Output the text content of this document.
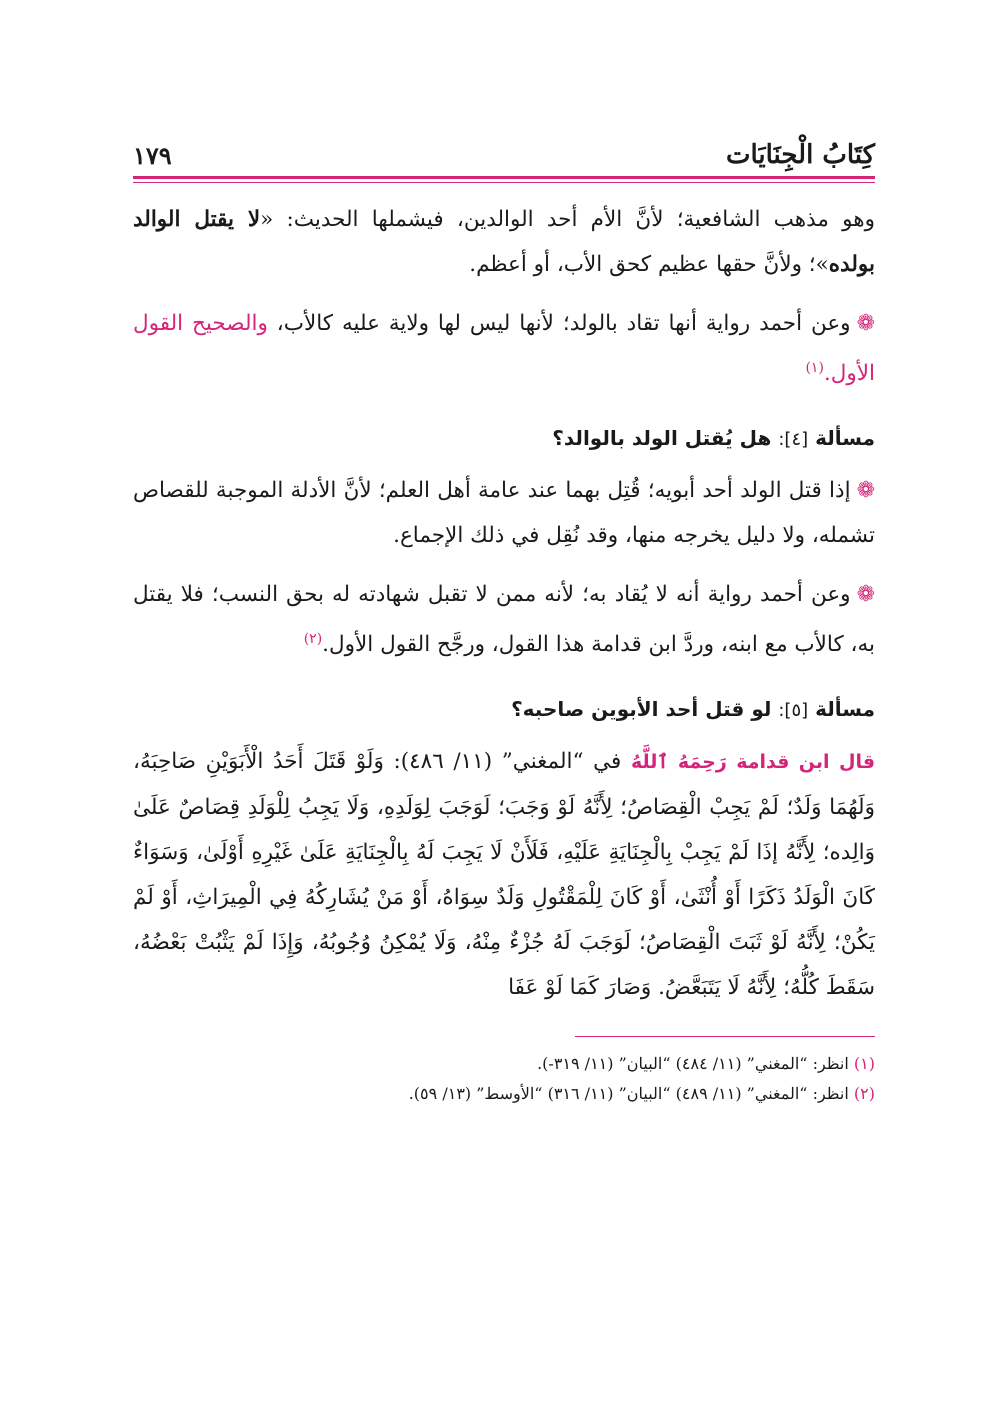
كِتَابُ الْجِنَايَات
١٧٩

وهو مذهب الشافعية؛ لأنَّ الأم أحد الوالدين، فيشملها الحديث: «لا يقتل الوالد بولده»؛ ولأنَّ حقها عظيم كحق الأب، أو أعظم.

❁وعن أحمد رواية أنها تقاد بالولد؛ لأنها ليس لها ولاية عليه كالأب، والصحيح القول الأول.$^{(١)}$

مسألة [٤]: هل يُقتل الولد بالوالد؟

❁إذا قتل الولد أحد أبويه؛ قُتِل بهما عند عامة أهل العلم؛ لأنَّ الأدلة الموجبة للقصاص تشمله، ولا دليل يخرجه منها، وقد نُقِل في ذلك الإجماع.

❁وعن أحمد رواية أنه لا يُقاد به؛ لأنه ممن لا تقبل شهادته له بحق النسب؛ فلا يقتل به، كالأب مع ابنه، وردَّ ابن قدامة هذا القول، ورجَّح القول الأول.$^{(٢)}$

مسألة [٥]: لو قتل أحد الأبوين صاحبه؟

قال ابن قدامة رَحِمَهُ ٱللَّهُ في “المغني” (١١/ ٤٨٦): وَلَوْ قَتَلَ أَحَدُ الْأَبَوَيْنِ صَاحِبَهُ، وَلَهُمَا وَلَدٌ؛ لَمْ يَجِبْ الْقِصَاصُ؛ لِأَنَّهُ لَوْ وَجَبَ؛ لَوَجَبَ لِوَلَدِهِ، وَلَا يَجِبُ لِلْوَلَدِ قِصَاصٌ عَلَىٰ وَالِده؛ لِأَنَّهُ إذَا لَمْ يَجِبْ بِالْجِنَايَةِ عَلَيْهِ، فَلَأَنْ لَا يَجِبَ لَهُ بِالْجِنَايَةِ عَلَىٰ غَيْرِهِ أَوْلَىٰ، وَسَوَاءٌ كَانَ الْوَلَدُ ذَكَرًا أَوْ أُنْثَىٰ، أَوْ كَانَ لِلْمَقْتُولِ وَلَدٌ سِوَاهُ، أَوْ مَنْ يُشَارِكُهُ فِي الْمِيرَاثِ، أَوْ لَمْ يَكُنْ؛ لِأَنَّهُ لَوْ ثَبَتَ الْقِصَاصُ؛ لَوَجَبَ لَهُ جُزْءٌ مِنْهُ، وَلَا يُمْكِنُ وُجُوبُهُ، وَإِذَا لَمْ يَثْبُتْ بَعْضُهُ، سَقَطَ كُلُّهُ؛ لِأَنَّهُ لَا يَتَبَعَّضُ. وَصَارَ كَمَا لَوْ عَفَا

(١) انظر: “المغني” (١١/ ٤٨٤) “البيان” (١١/ ٣١٩-).
(٢) انظر: “المغني” (١١/ ٤٨٩) “البيان” (١١/ ٣١٦) “الأوسط” (١٣/ ٥٩).
